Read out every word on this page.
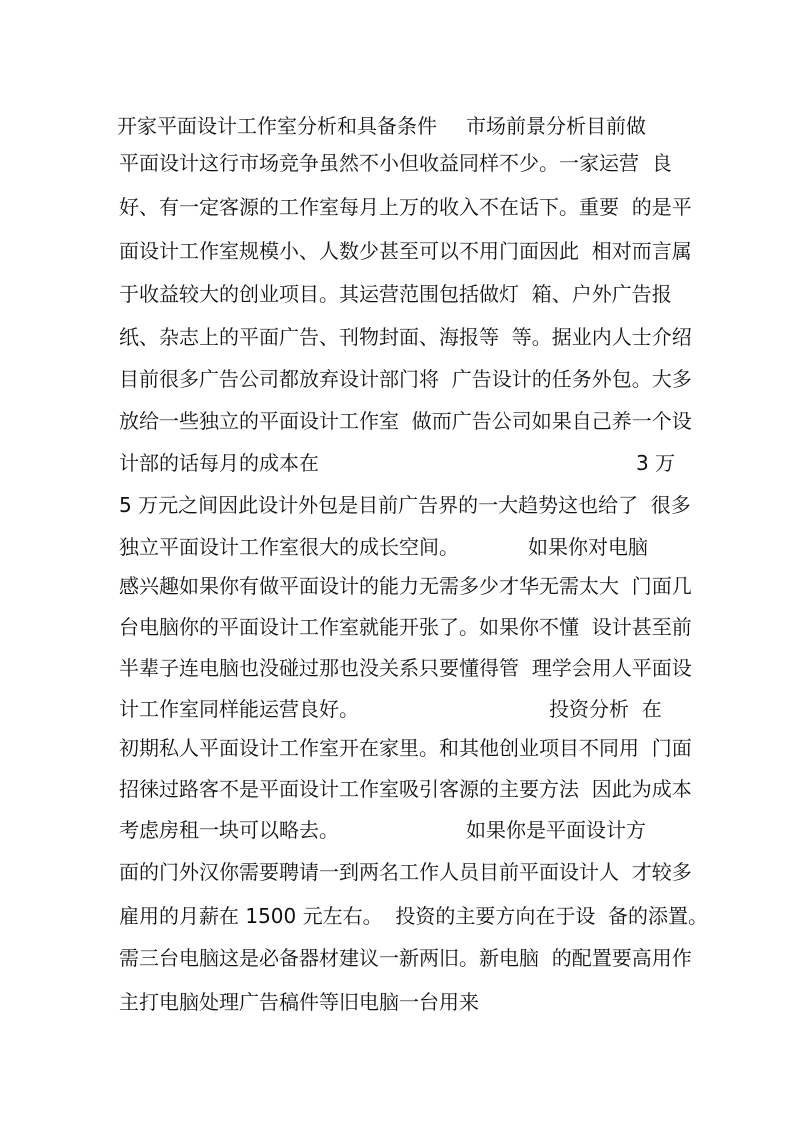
开家平面设计工作室分析和具备条件 市场前景分析目前做
平面设计这行市场竞争虽然不小但收益同样不少。一家运营  良
好、有一定客源的工作室每月上万的收入不在话下。重要  的是平
面设计工作室规模小、人数少甚至可以不用门面因此  相对而言属
于收益较大的创业项目。其运营范围包括做灯  箱、户外广告报
纸、杂志上的平面广告、刊物封面、海报等  等。据业内人士介绍
目前很多广告公司都放弃设计部门将  广告设计的任务外包。大多
放给一些独立的平面设计工作室  做而广告公司如果自己养一个设
计部的话每月的成本在	3 万
5 万元之间因此设计外包是目前广告界的一大趋势这也给了  很多
独立平面设计工作室很大的成长空间。	如果你对电脑
感兴趣如果你有做平面设计的能力无需多少才华无需太大  门面几
台电脑你的平面设计工作室就能开张了。如果你不懂  设计甚至前
半辈子连电脑也没碰过那也没关系只要懂得管  理学会用人平面设
计工作室同样能运营良好。	投资分析  在
初期私人平面设计工作室开在家里。和其他创业项目不同用  门面
招徕过路客不是平面设计工作室吸引客源的主要方法  因此为成本
考虑房租一块可以略去。	如果你是平面设计方
面的门外汉你需要聘请一到两名工作人员目前平面设计人  才较多
雇用的月薪在 1500 元左右。  投资的主要方向在于设  备的添置。
需三台电脑这是必备器材建议一新两旧。新电脑  的配置要高用作
主打电脑处理广告稿件等旧电脑一台用来
